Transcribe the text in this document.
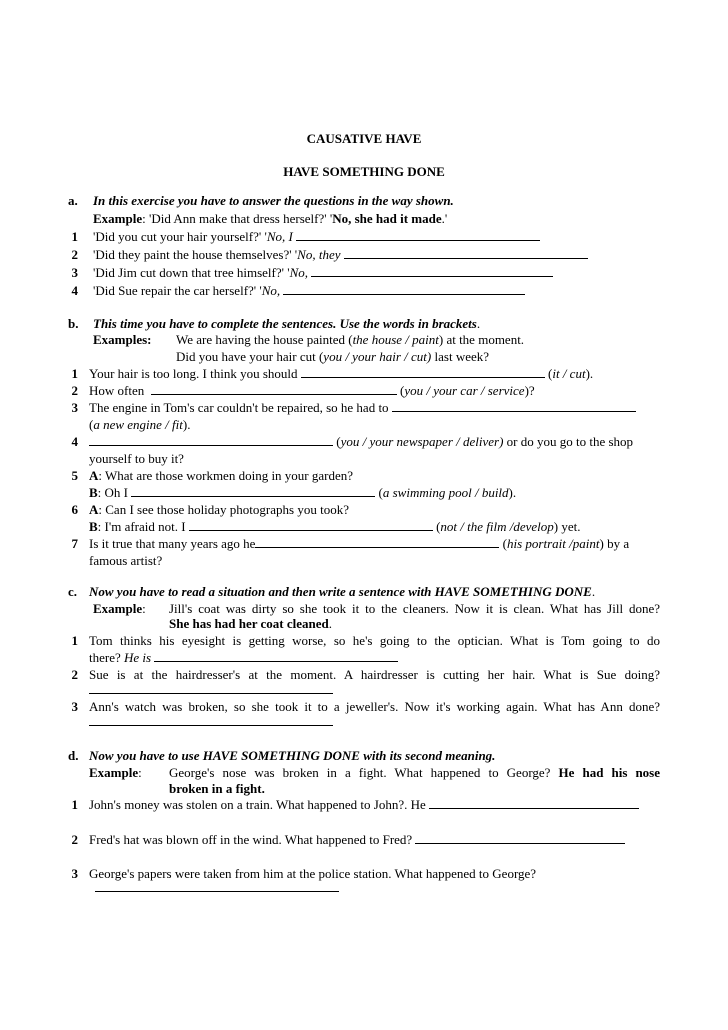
CAUSATIVE HAVE
HAVE SOMETHING DONE
a. In this exercise you have to answer the questions in the way shown.
Example: 'Did Ann make that dress herself?' 'No, she had it made.'
1 'Did you cut your hair yourself?' 'No, I
2 'Did they paint the house themselves?' 'No, they
3 'Did Jim cut down that tree himself?' 'No,
4 'Did Sue repair the car herself?' 'No,
b. This time you have to complete the sentences. Use the words in brackets.
Examples: We are having the house painted (the house / paint) at the moment.
Did you have your hair cut (you / your hair / cut) last week?
1 Your hair is too long. I think you should	(it / cut).
2 How often	(you / your car / service)?
3 The engine in Tom's car couldn't be repaired, so he had to
(a new engine / fit).
4	(you / your newspaper / deliver) or do you go to the shop
yourself to buy it?
5 A: What are those workmen doing in your garden?
B: Oh I	(a swimming pool / build).
6 A: Can I see those holiday photographs you took?
B: I'm afraid not. I	(not / the film /develop) yet.
7 Is it true that many years ago he	(his portrait /paint) by a
famous artist?
c. Now you have to read a situation and then write a sentence with HAVE SOMETHING DONE.
Example: Jill's coat was dirty so she took it to the cleaners. Now it is clean. What has Jill done?
She has had her coat cleaned.
1 Tom thinks his eyesight is getting worse, so he's going to the optician. What is Tom going to do
there? He is
2 Sue is at the hairdresser's at the moment. A hairdresser is cutting her hair. What is Sue doing?
3 Ann's watch was broken, so she took it to a jeweller's. Now it's working again. What has Ann done?
d. Now you have to use HAVE SOMETHING DONE with its second meaning.
Example: George's nose was broken in a fight. What happened to George? He had his nose
broken in a fight.
1 John's money was stolen on a train. What happened to John?. He
2 Fred's hat was blown off in the wind. What happened to Fred?
3 George's papers were taken from him at the police station. What happened to George?
